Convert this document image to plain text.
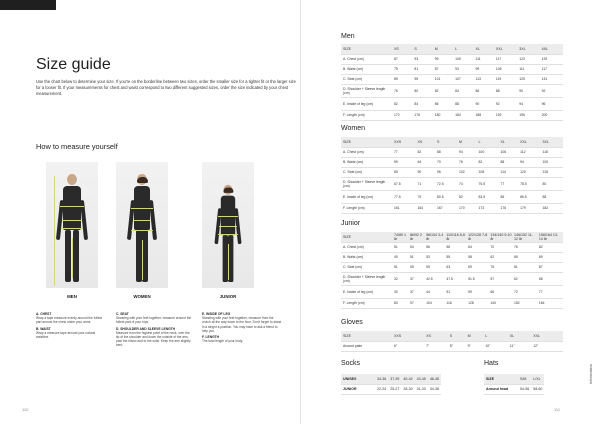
Information| SIZE GUIDE
Size guide
Use the chart below to determine your size. If you're on the borderline between two sizes, order the smaller size for a tighter fit or the larger size for a looser fit. If your measurements for chest and waist correspond to two different suggested sizes, order the size indicated by your chest measurement.
How to measure yourself
MEN	WOMEN	JUNIOR
A. CHEST
Wrap a tape measure evenly around the fullest part around the chest under your arms.
B. WAIST
Wrap a measure tape around your natural waistline.
C. SEAT
Standing with your feet together, measure around the fullest part of your hips.
D. SHOULDER AND SLEEVE LENGTH
Measure from the highest point of the neck, over the tip of the shoulder and down the outside of the arm, past the elbow and to the wrist. Keep the arm slightly bent.
E. INSIDE OF LEG
Standing with your feet together, measure from the crotch all the way down to the floor. Don't forget to stand in a stright a position. You may have to ask a friend to help you.
F. LENGTH
The total length of your body.
110
Men
SIZE	XS	S	M	L	XL	XXL	3XL	4XL
A. Chest (cm)	87	93	99	105	111	117	123	129
B. Waist (cm)	75	81	87	93	99	105	111	117
C. Seat (cm)	89	95	101	107	113	119	125	131
D. Shoulder + Sleeve length (cm)	76	80	82	84	86	88	90	92
E. Inside of leg (cm)	82	84	86	88	90	92	94	96
F. Length (cm)	172	176	180	184	188	192	196	200
Women
SIZE	XXS	XS	S	M	L	XL	XXL	3XL
A. Chest (cm)	77	82	88	94	100	106	112	118
B. Waist (cm)	59	64	70	76	82	88	94	100
C. Seat (cm)	85	90	96	102	108	114	120	126
D. Shoulder + Sleeve length (cm)	67.5	71	72.5	74	75.5	77	78.5	80
E. Inside of leg (cm)	77.5	79	80.5	82	83.5	85	86.5	88
F. Length (cm)	161	164	167	170	173	176	179	182
Junior
SIZE	74/80 1 år	86/92 2 år	98/104 3-4 år	110/116 5-6 år	122/128 7-8 år	134/140 9-10 år	146/152 11-12 år	158/164 13-14 år
A. Chest (cm)	51	54	56	58	64	70	76	82
B. Waist (cm)	49	51	53	55	58	62	65	69
C. Seat (cm)	51	55	59	63	69	75	81	87
D. Shoulder + Sleeve length (cm)	32	37	42.5	47.5	51.5	57	62	68
E. Inside of leg (cm)	30	37	44	51	59	66	72	77
F. Length (cm)	80	97	104	116	128	140	152	164
Gloves
SIZE	XXS	XS	S	M	L	XL	XXL
Around palm	6"	7"	8"	9"	10"	11"	12"
Socks
UNISEX	34-36	37-39	40-42	43-45	46-48
JUNIOR	22-24	25-27	28-30	31-33	34-36
Hats
SIZE	S/M	L/XL
Around head	54-56	58-60
111
Information
